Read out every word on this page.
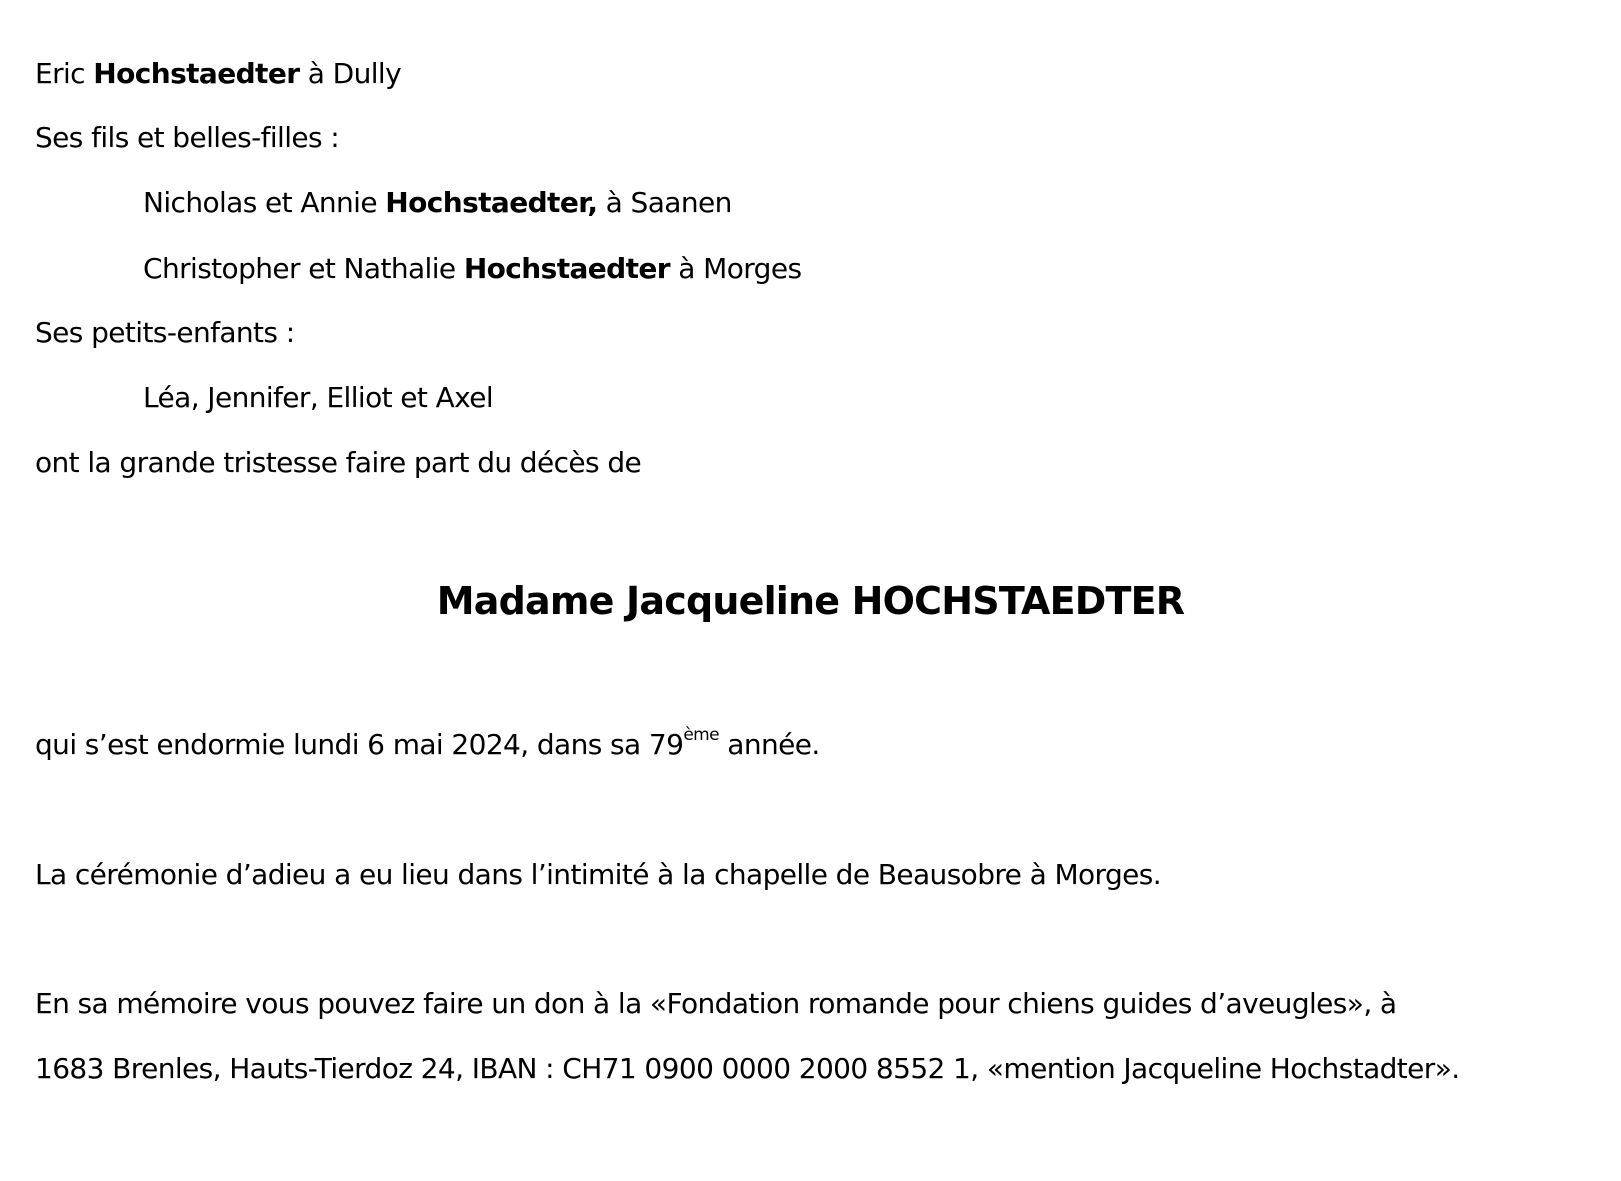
Eric Hochstaedter à Dully
Ses fils et belles-filles :
Nicholas et Annie Hochstaedter, à Saanen
Christopher et Nathalie Hochstaedter à Morges
Ses petits-enfants :
Léa, Jennifer, Elliot et Axel
ont la grande tristesse faire part du décès de
Madame Jacqueline HOCHSTAEDTER
qui s’est endormie lundi 6 mai 2024, dans sa 79ème année.
La cérémonie d’adieu a eu lieu dans l’intimité à la chapelle de Beausobre à Morges.
En sa mémoire vous pouvez faire un don à la «Fondation romande pour chiens guides d’aveugles», à
1683 Brenles, Hauts-Tierdoz 24, IBAN : CH71 0900 0000 2000 8552 1, «mention Jacqueline Hochstadter».
